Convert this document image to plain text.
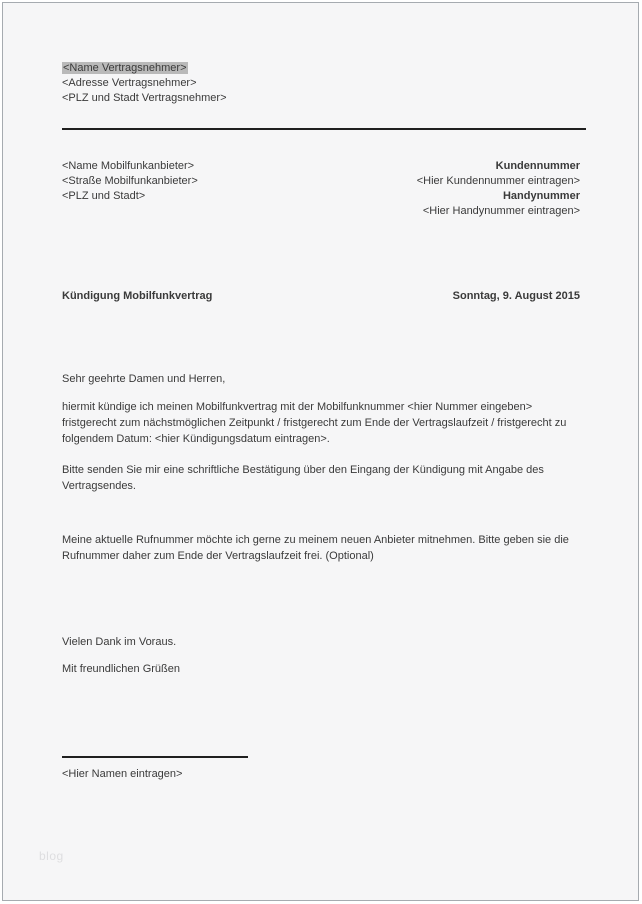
<Name Vertragsnehmer>
<Adresse Vertragsnehmer>
<PLZ und Stadt Vertragsnehmer>
<Name Mobilfunkanbieter>
<Straße Mobilfunkanbieter>
<PLZ und Stadt>
Kundennummer
<Hier Kundennummer eintragen>
Handynummer
<Hier Handynummer eintragen>
Kündigung Mobilfunkvertrag	Sonntag, 9. August 2015

Sehr geehrte Damen und Herren,

hiermit kündige ich meinen Mobilfunkvertrag mit der Mobilfunknummer <hier Nummer eingeben> fristgerecht zum nächstmöglichen Zeitpunkt / fristgerecht zum Ende der Vertragslaufzeit / fristgerecht zu folgendem Datum: <hier Kündigungsdatum eintragen>.

Bitte senden Sie mir eine schriftliche Bestätigung über den Eingang der Kündigung mit Angabe des Vertragsendes.

Meine aktuelle Rufnummer möchte ich gerne zu meinem neuen Anbieter mitnehmen. Bitte geben sie die Rufnummer daher zum Ende der Vertragslaufzeit frei. (Optional)

Vielen Dank im Voraus.

Mit freundlichen Grüßen

<Hier Namen eintragen>
blog
